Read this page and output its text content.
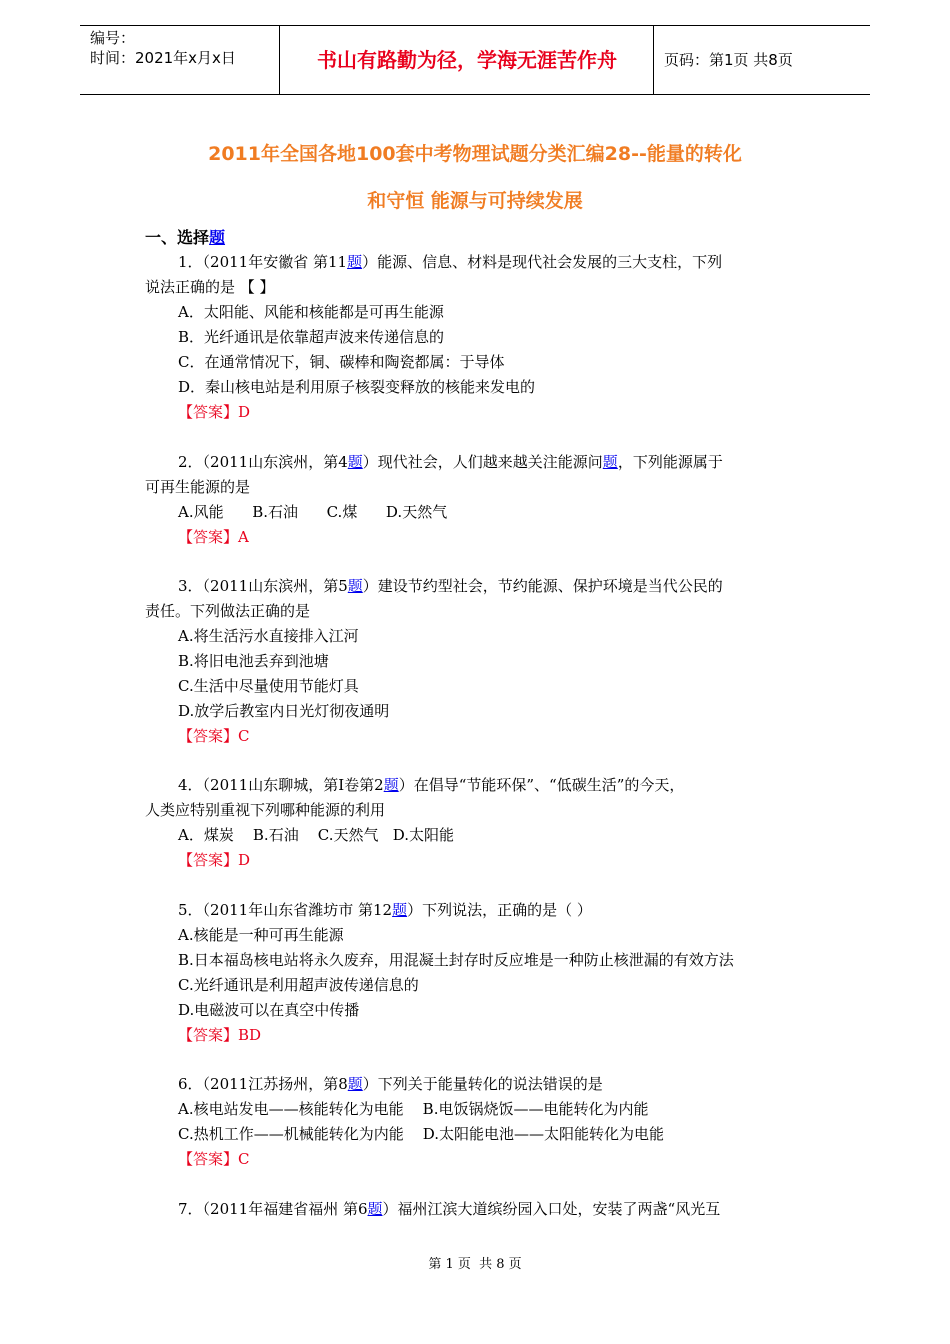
编号：
时间：2021年x月x日	书山有路勤为径，学海无涯苦作舟	页码：第1页 共8页
2011年全国各地100套中考物理试题分类汇编28--能量的转化
和守恒 能源与可持续发展
一、选择题
1．（2011年安徽省 第11题）能源、信息、材料是现代社会发展的三大支柱，下列
说法正确的是 【 】
A．太阳能、风能和核能都是可再生能源
B．光纤通讯是依靠超声波来传递信息的
C．在通常情况下，铜、碳棒和陶瓷都属：于导体
D．秦山核电站是利用原子核裂变释放的核能来发电的
【答案】D
2．（2011山东滨州，第4题）现代社会，人们越来越关注能源问题，下列能源属于
可再生能源的是
A.风能      B.石油      C.煤      D.天然气
【答案】A
3．（2011山东滨州，第5题）建设节约型社会，节约能源、保护环境是当代公民的
责任。下列做法正确的是
A.将生活污水直接排入江河
B.将旧电池丢弃到池塘
C.生活中尽量使用节能灯具
D.放学后教室内日光灯彻夜通明
【答案】C
4．（2011山东聊城，第Ⅰ卷第2题）在倡导“节能环保”、“低碳生活”的今天，
人类应特别重视下列哪种能源的利用
A．煤炭    B.石油    C.天然气   D.太阳能
【答案】D
5．（2011年山东省潍坊市 第12题）下列说法，正确的是（ ）
A.核能是一种可再生能源
B.日本福岛核电站将永久废弃，用混凝土封存时反应堆是一种防止核泄漏的有效方法
C.光纤通讯是利用超声波传递信息的
D.电磁波可以在真空中传播
【答案】BD
6．（2011江苏扬州，第8题）下列关于能量转化的说法错误的是
A.核电站发电——核能转化为电能    B.电饭锅烧饭——电能转化为内能
C.热机工作——机械能转化为内能    D.太阳能电池——太阳能转化为电能
【答案】C
7．（2011年福建省福州 第6题）福州江滨大道缤纷园入口处，安装了两盏“风光互
第 1 页  共 8 页
